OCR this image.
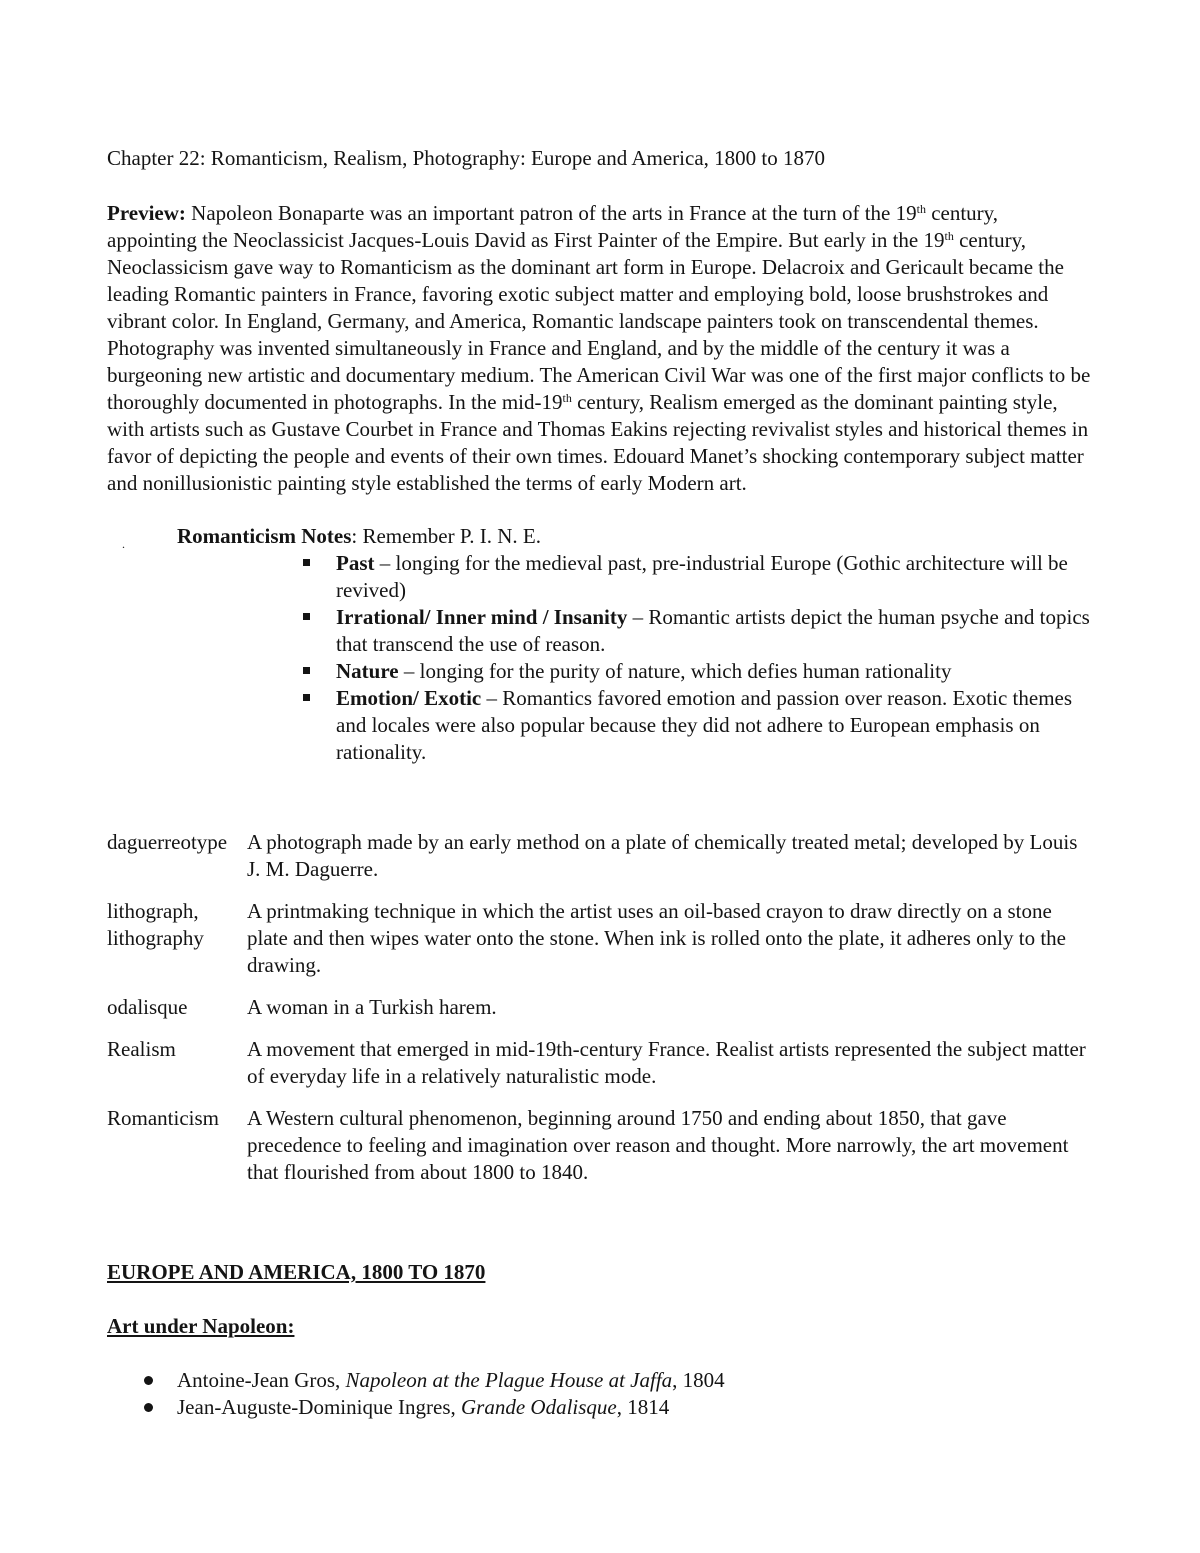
Chapter 22: Romanticism, Realism, Photography: Europe and America, 1800 to 1870

Preview: Napoleon Bonaparte was an important patron of the arts in France at the turn of the 19th century, appointing the Neoclassicist Jacques-Louis David as First Painter of the Empire. But early in the 19th century, Neoclassicism gave way to Romanticism as the dominant art form in Europe. Delacroix and Gericault became the leading Romantic painters in France, favoring exotic subject matter and employing bold, loose brushstrokes and vibrant color. In England, Germany, and America, Romantic landscape painters took on transcendental themes. Photography was invented simultaneously in France and England, and by the middle of the century it was a burgeoning new artistic and documentary medium. The American Civil War was one of the first major conflicts to be thoroughly documented in photographs. In the mid-19th century, Realism emerged as the dominant painting style, with artists such as Gustave Courbet in France and Thomas Eakins rejecting revivalist styles and historical themes in favor of depicting the people and events of their own times. Edouard Manet’s shocking contemporary subject matter and nonillusionistic painting style established the terms of early Modern art.

. Romanticism Notes: Remember P. I. N. E.
Past – longing for the medieval past, pre-industrial Europe (Gothic architecture will be revived)
Irrational/ Inner mind / Insanity – Romantic artists depict the human psyche and topics that transcend the use of reason.
Nature – longing for the purity of nature, which defies human rationality
Emotion/ Exotic – Romantics favored emotion and passion over reason. Exotic themes and locales were also popular because they did not adhere to European emphasis on rationality.
daguerreotype	A photograph made by an early method on a plate of chemically treated metal; developed by Louis J. M. Daguerre.
lithograph, lithography	A printmaking technique in which the artist uses an oil-based crayon to draw directly on a stone plate and then wipes water onto the stone. When ink is rolled onto the plate, it adheres only to the drawing.
odalisque	A woman in a Turkish harem.
Realism	A movement that emerged in mid-19th-century France. Realist artists represented the subject matter of everyday life in a relatively naturalistic mode.
Romanticism	A Western cultural phenomenon, beginning around 1750 and ending about 1850, that gave precedence to feeling and imagination over reason and thought. More narrowly, the art movement that flourished from about 1800 to 1840.
EUROPE AND AMERICA, 1800 TO 1870
Art under Napoleon:
Antoine-Jean Gros, Napoleon at the Plague House at Jaffa, 1804
Jean-Auguste-Dominique Ingres, Grande Odalisque, 1814
